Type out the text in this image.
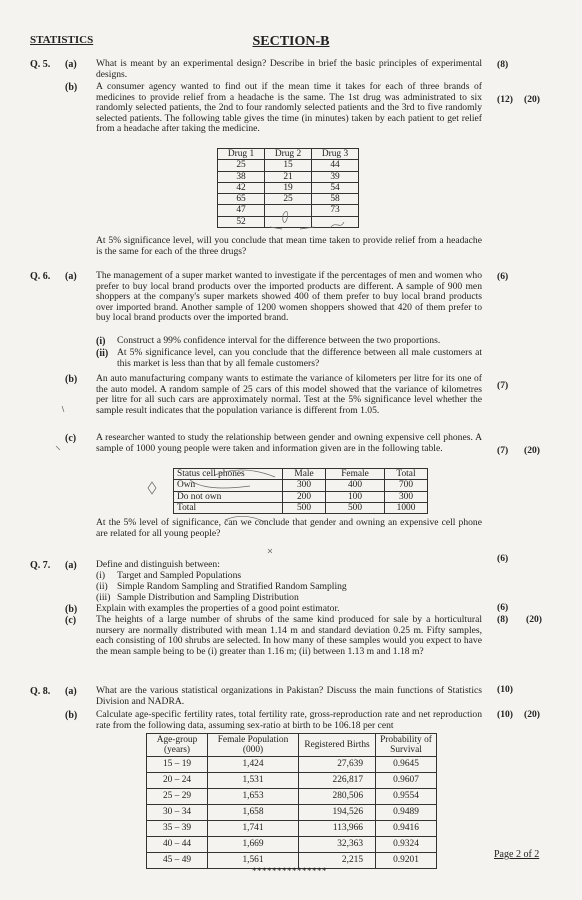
STATISTICS	SECTION-B
Q. 5. (a) What is meant by an experimental design? Describe in brief the basic principles of experimental designs.
(8)
(b) A consumer agency wanted to find out if the mean time it takes for each of three brands of medicines to provide relief from a headache is the same. The 1st drug was administrated to six randomly selected patients, the 2nd to four randomly selected patients and the 3rd to five randomly selected patients. The following table gives the time (in minutes) taken by each patient to get relief from a headache after taking the medicine.
(12) (20)
Drug 1	Drug 2	Drug 3
25	15	44
38	21	39
42	19	54
65	25	58
47		73
52		
At 5% significance level, will you conclude that mean time taken to provide relief from a headache is the same for each of the three drugs?
Q. 6. (a) The management of a super market wanted to investigate if the percentages of men and women who prefer to buy local brand products over the imported products are different. A sample of 900 men shoppers at the company's super markets showed 400 of them prefer to buy local brand products over imported brand. Another sample of 1200 women shoppers showed that 420 of them prefer to buy local brand products over the imported brand.
(6)
(i) Construct a 99% confidence interval for the difference between the two proportions.
(ii) At 5% significance level, can you conclude that the difference between all male customers at this market is less than that by all female customers?
(b) An auto manufacturing company wants to estimate the variance of kilometers per litre for its one of the auto model. A random sample of 25 cars of this model showed that the variance of kilometres per litre for all such cars are approximately normal. Test at the 5% significance level whether the sample result indicates that the population variance is different from 1.05.
(7)
(c) A researcher wanted to study the relationship between gender and owning expensive cell phones. A sample of 1000 young people were taken and information given are in the following table.	(7) (20)
Status cell phones	Male	Female	Total
Own	300	400	700
Do not own	200	100	300
Total	500	500	1000
At the 5% level of significance, can we conclude that gender and owning an expensive cell phone are related for all young people?
Q. 7. (a) Define and distinguish between:
(6)
(i) Target and Sampled Populations
(ii) Simple Random Sampling and Stratified Random Sampling
(iii) Sample Distribution and Sampling Distribution
(b) Explain with examples the properties of a good point estimator.	(6)
(c) The heights of a large number of shrubs of the same kind produced for sale by a horticultural nursery are normally distributed with mean 1.14 m and standard deviation 0.25 m. Fifty samples, each consisting of 100 shrubs are selected. In how many of these samples would you expect to have the mean sample being to be (i) greater than 1.16 m; (ii) between 1.13 m and 1.18 m?
(8) (20)
Q. 8. (a) What are the various statistical organizations in Pakistan? Discuss the main functions of Statistics Division and NADRA.
(10)
(b) Calculate age-specific fertility rates, total fertility rate, gross-reproduction rate and net reproduction rate from the following data, assuming sex-ratio at birth to be 106.18 per cent
(10) (20)
Age-group (years)	Female Population (000)	Registered Births	Probability of Survival
15 – 19	1,424	27,639	0.9645
20 – 24	1,531	226,817	0.9607
25 – 29	1,653	280,506	0.9554
30 – 34	1,658	194,526	0.9489
35 – 39	1,741	113,966	0.9416
40 – 44	1,669	32,363	0.9324
45 – 49	1,561	2,215	0.9201
***************
Page 2 of 2
